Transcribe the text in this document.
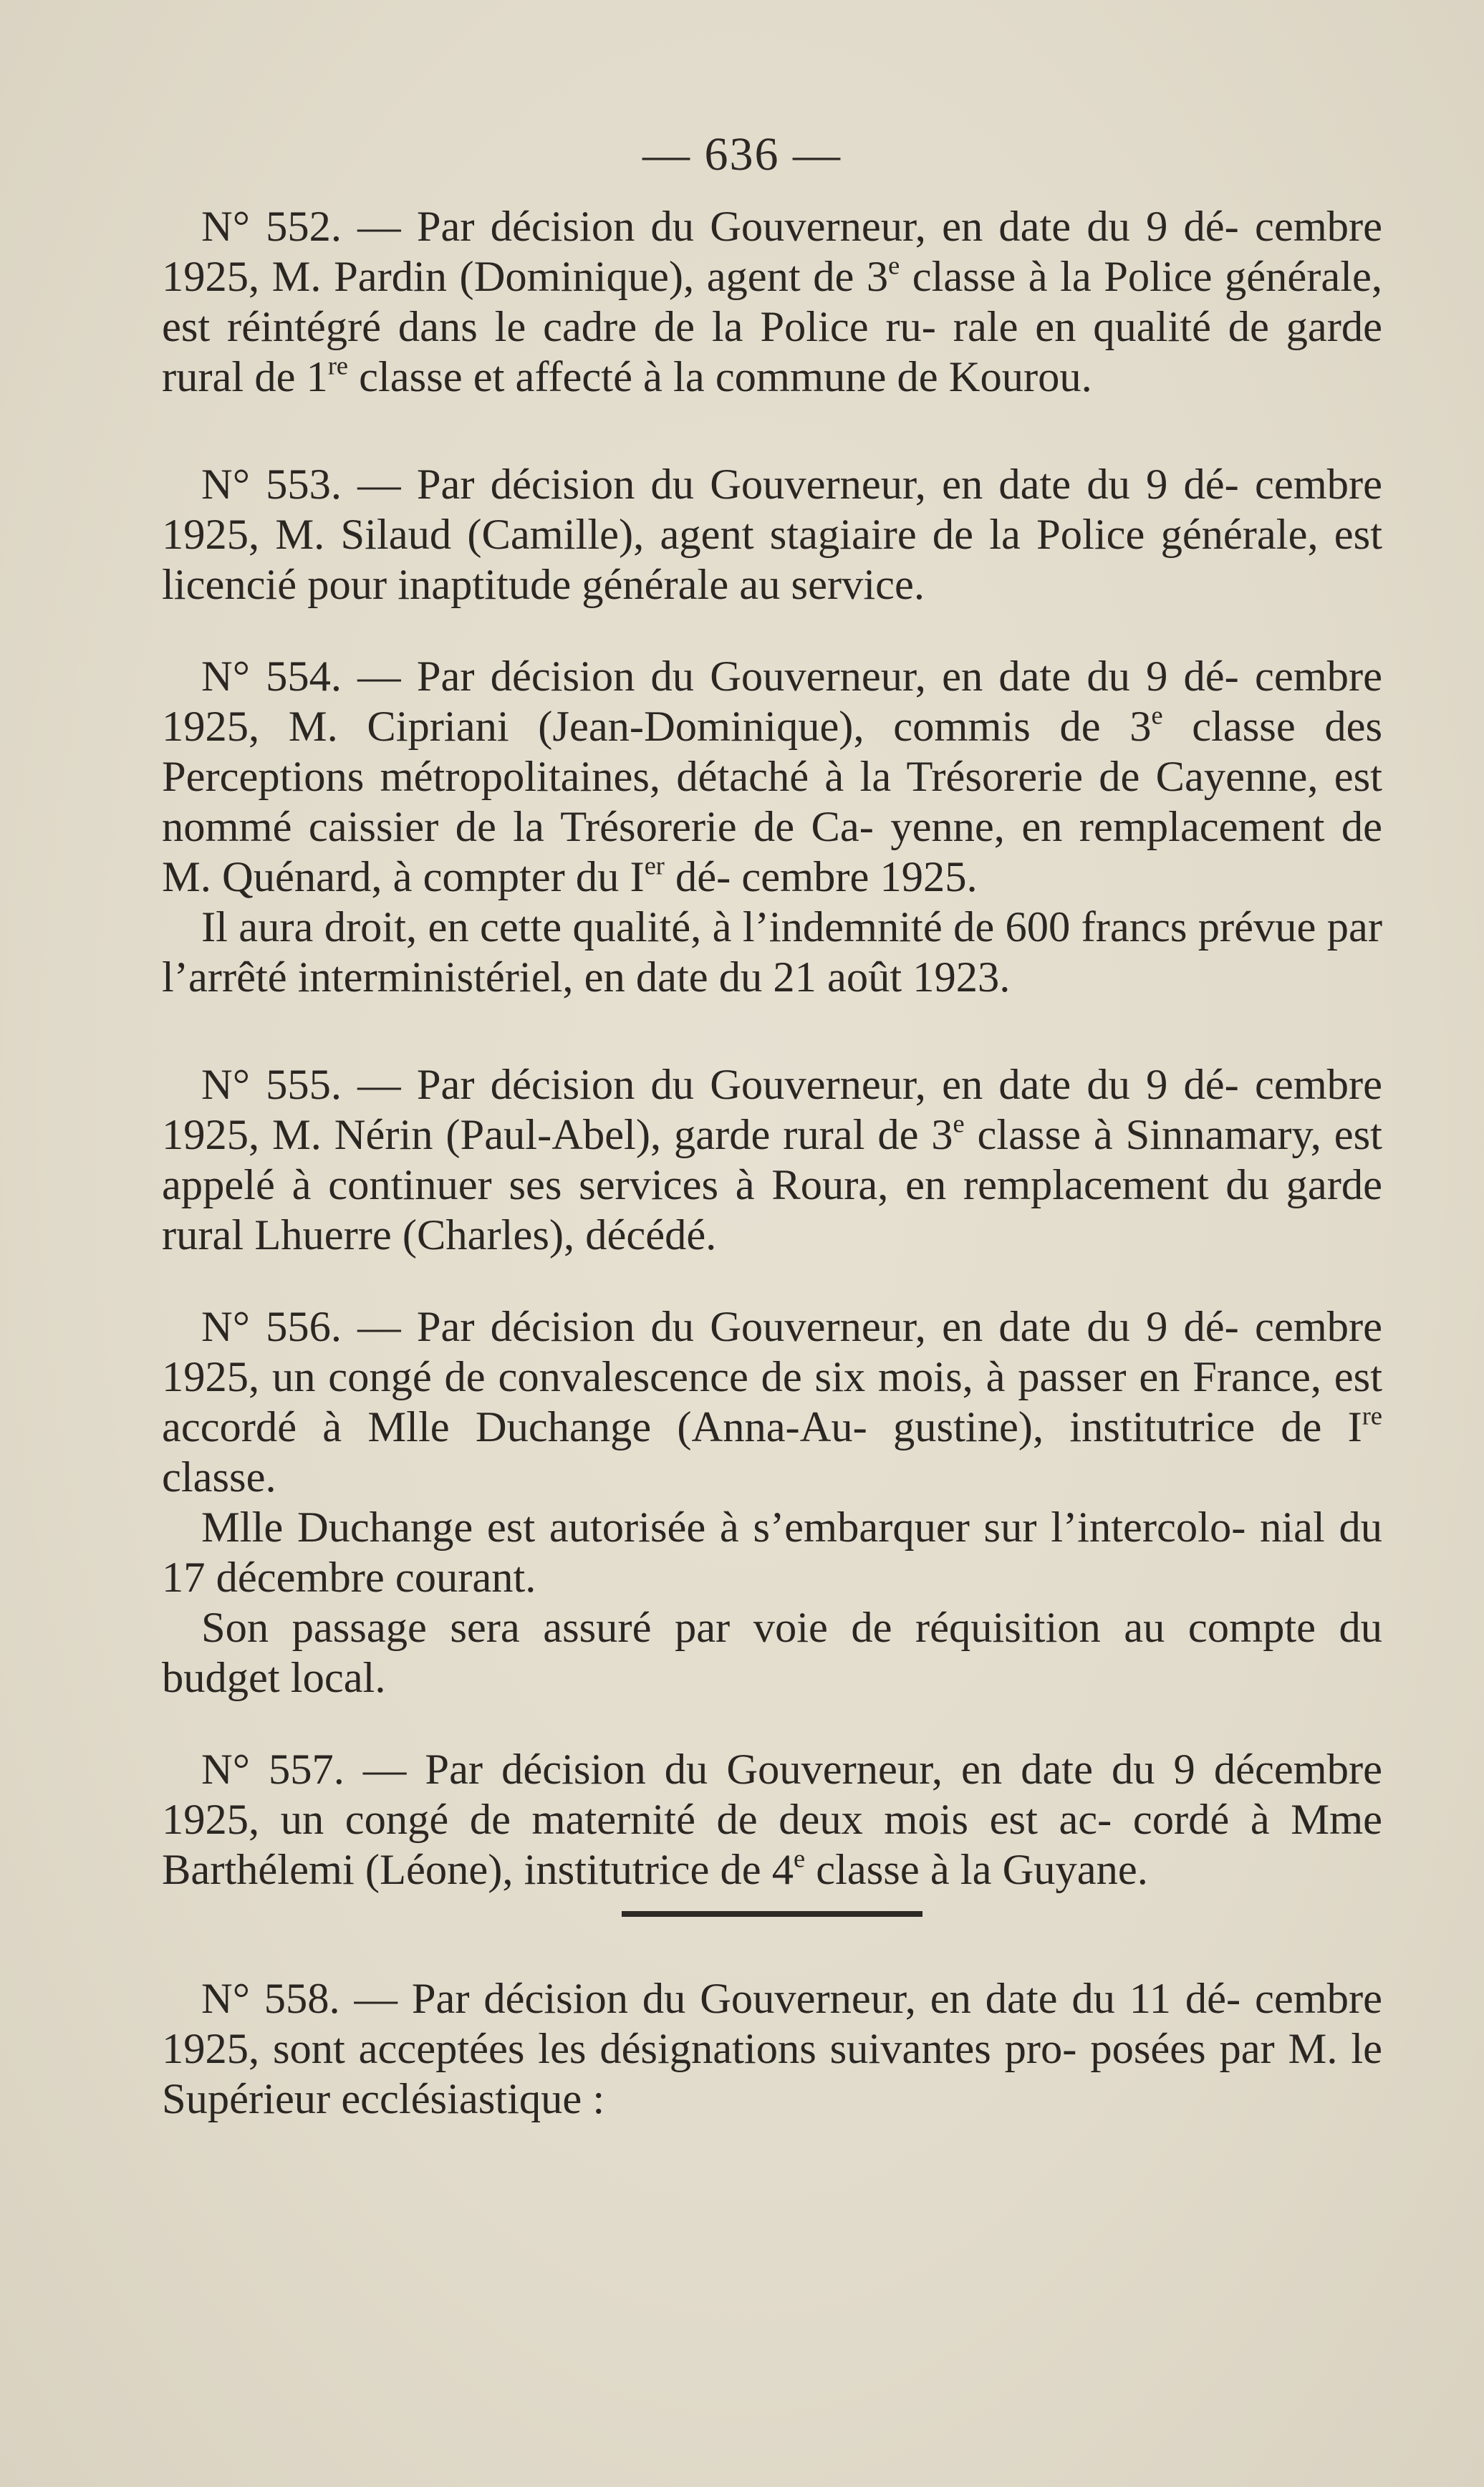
— 636 —
N° 552. — Par décision du Gouverneur, en date du 9 dé- cembre 1925, M. Pardin (Dominique), agent de 3e classe à la Police générale, est réintégré dans le cadre de la Police ru- rale en qualité de garde rural de 1re classe et affecté à la commune de Kourou.
N° 553. — Par décision du Gouverneur, en date du 9 dé- cembre 1925, M. Silaud (Camille), agent stagiaire de la Police générale, est licencié pour inaptitude générale au service.
N° 554. — Par décision du Gouverneur, en date du 9 dé- cembre 1925, M. Cipriani (Jean-Dominique), commis de 3e classe des Perceptions métropolitaines, détaché à la Trésorerie de Cayenne, est nommé caissier de la Trésorerie de Ca- yenne, en remplacement de M. Quénard, à compter du Ier dé- cembre 1925.
Il aura droit, en cette qualité, à l’indemnité de 600 francs prévue par l’arrêté interministériel, en date du 21 août 1923.
N° 555. — Par décision du Gouverneur, en date du 9 dé- cembre 1925, M. Nérin (Paul-Abel), garde rural de 3e classe à Sinnamary, est appelé à continuer ses services à Roura, en remplacement du garde rural Lhuerre (Charles), décédé.
N° 556. — Par décision du Gouverneur, en date du 9 dé- cembre 1925, un congé de convalescence de six mois, à passer en France, est accordé à Mlle Duchange (Anna-Au- gustine), institutrice de Ire classe.
Mlle Duchange est autorisée à s’embarquer sur l’intercolo- nial du 17 décembre courant.
Son passage sera assuré par voie de réquisition au compte du budget local.
N° 557. — Par décision du Gouverneur, en date du 9 décembre 1925, un congé de maternité de deux mois est ac- cordé à Mme Barthélemi (Léone), institutrice de 4e classe à la Guyane.
N° 558. — Par décision du Gouverneur, en date du 11 dé- cembre 1925, sont acceptées les désignations suivantes pro- posées par M. le Supérieur ecclésiastique :
